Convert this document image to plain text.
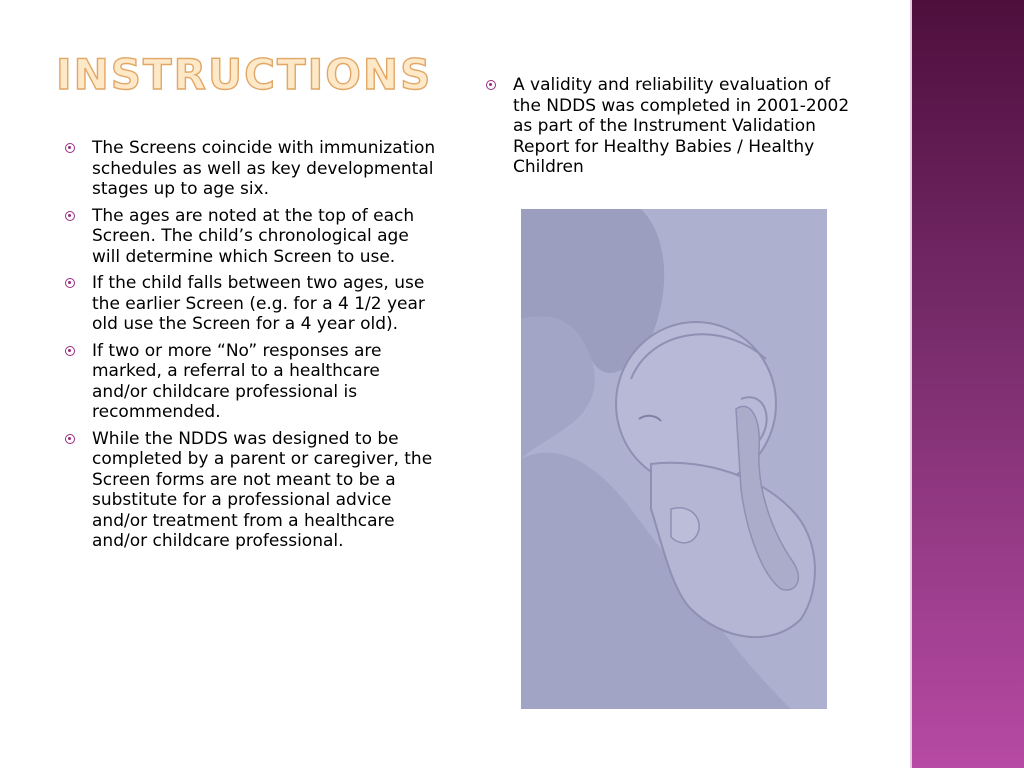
INSTRUCTIONS
The Screens coincide with immunization schedules as well as key developmental stages up to age six.
The ages are noted at the top of each Screen. The child’s chronological age will determine which Screen to use.
If the child falls between two ages, use the earlier Screen (e.g. for a 4 1/2 year old use the Screen for a 4 year old).
If two or more “No” responses are marked, a referral to a healthcare and/or childcare professional is recommended.
While the NDDS was designed to be completed by a parent or caregiver, the Screen forms are not meant to be a substitute for a professional advice and/or treatment from a healthcare and/or childcare professional.
A validity and reliability evaluation of the NDDS was completed in 2001-2002 as part of the Instrument Validation Report for Healthy Babies / Healthy Children
